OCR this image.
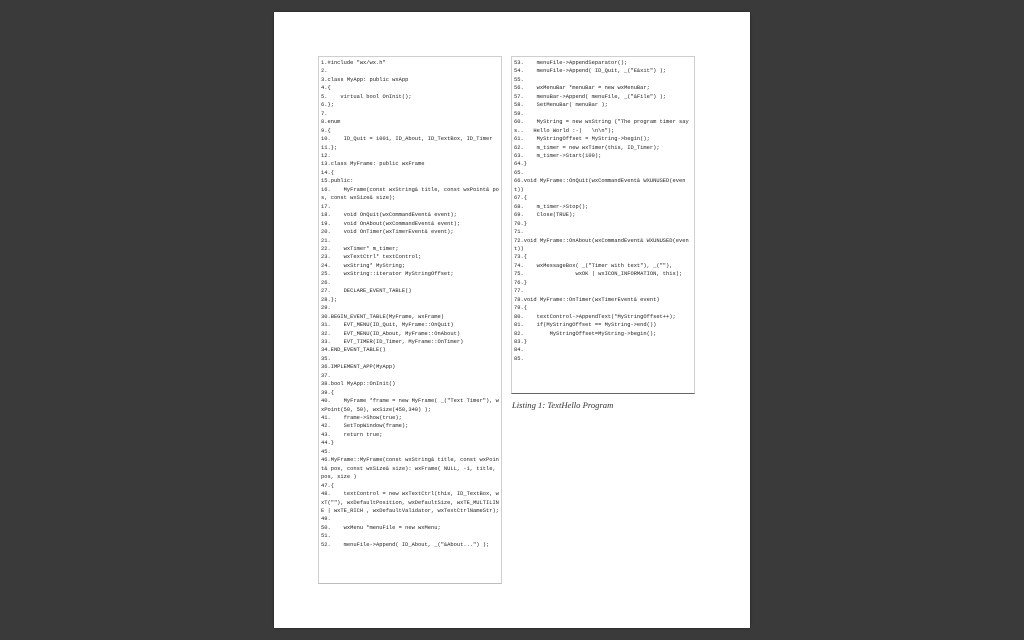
1.#include "wx/wx.h"
2.
3.class MyApp: public wxApp
4.{
5.    virtual bool OnInit();
6.};
7.
8.enum
9.{
10.    ID_Quit = 1001, ID_About, ID_TextBox, ID_Timer
11.};
12.
13.class MyFrame: public wxFrame
14.{
15.public:
16.    MyFrame(const wxString& title, const wxPoint& pos, const wxSize& size);
17.
18.    void OnQuit(wxCommandEvent& event);
19.    void OnAbout(wxCommandEvent& event);
20.    void OnTimer(wxTimerEvent& event);
21.
22.    wxTimer* m_timer;
23.    wxTextCtrl* textControl;
24.    wxString* MyString;
25.    wxString::iterator MyStringOffset;
26.
27.    DECLARE_EVENT_TABLE()
28.};
29.
30.BEGIN_EVENT_TABLE(MyFrame, wxFrame)
31.    EVT_MENU(ID_Quit, MyFrame::OnQuit)
32.    EVT_MENU(ID_About, MyFrame::OnAbout)
33.    EVT_TIMER(ID_Timer, MyFrame::OnTimer)
34.END_EVENT_TABLE()
35.
36.IMPLEMENT_APP(MyApp)
37.
38.bool MyApp::OnInit()
39.{
40.    MyFrame *frame = new MyFrame( _("Text Timer"), wxPoint(50, 50), wxSize(450,340) );
41.    frame->Show(true);
42.    SetTopWindow(frame);
43.    return true;
44.}
45.
46.MyFrame::MyFrame(const wxString& title, const wxPoint& pos, const wxSize& size): wxFrame( NULL, -1, title, pos, size )
47.{
48.    textControl = new wxTextCtrl(this, ID_TextBox, wxT(""), wxDefaultPosition, wxDefaultSize, wxTE_MULTILINE | wxTE_RICH , wxDefaultValidator, wxTextCtrlNameStr);
49.
50.    wxMenu *menuFile = new wxMenu;
51.
52.    menuFile->Append( ID_About, _("&About...") );
53.    menuFile->AppendSeparator();
54.    menuFile->Append( ID_Quit, _("E&xit") );
55.
56.    wxMenuBar *menuBar = new wxMenuBar;
57.    menuBar->Append( menuFile, _("&File") );
58.    SetMenuBar( menuBar );
59.
60.    MyString = new wxString ("The program timer says..   Hello World :-)   \n\n");
61.    MyStringOffset = MyString->begin();
62.    m_timer = new wxTimer(this, ID_Timer);
63.    m_timer->Start(100);
64.}
65.
66.void MyFrame::OnQuit(wxCommandEvent& WXUNUSED(event))
67.{
68.    m_timer->Stop();
69.    Close(TRUE);
70.}
71.
72.void MyFrame::OnAbout(wxCommandEvent& WXUNUSED(event))
73.{
74.    wxMessageBox( _("Timer with text"), _(""),
75.                wxOK | wxICON_INFORMATION, this);
76.}
77.
78.void MyFrame::OnTimer(wxTimerEvent& event)
79.{
80.    textControl->AppendText(*MyStringOffset++);
81.    if(MyStringOffset == MyString->end())
82.        MyStringOffset=MyString->begin();
83.}
84.
85.
Listing 1: TextHello Program
